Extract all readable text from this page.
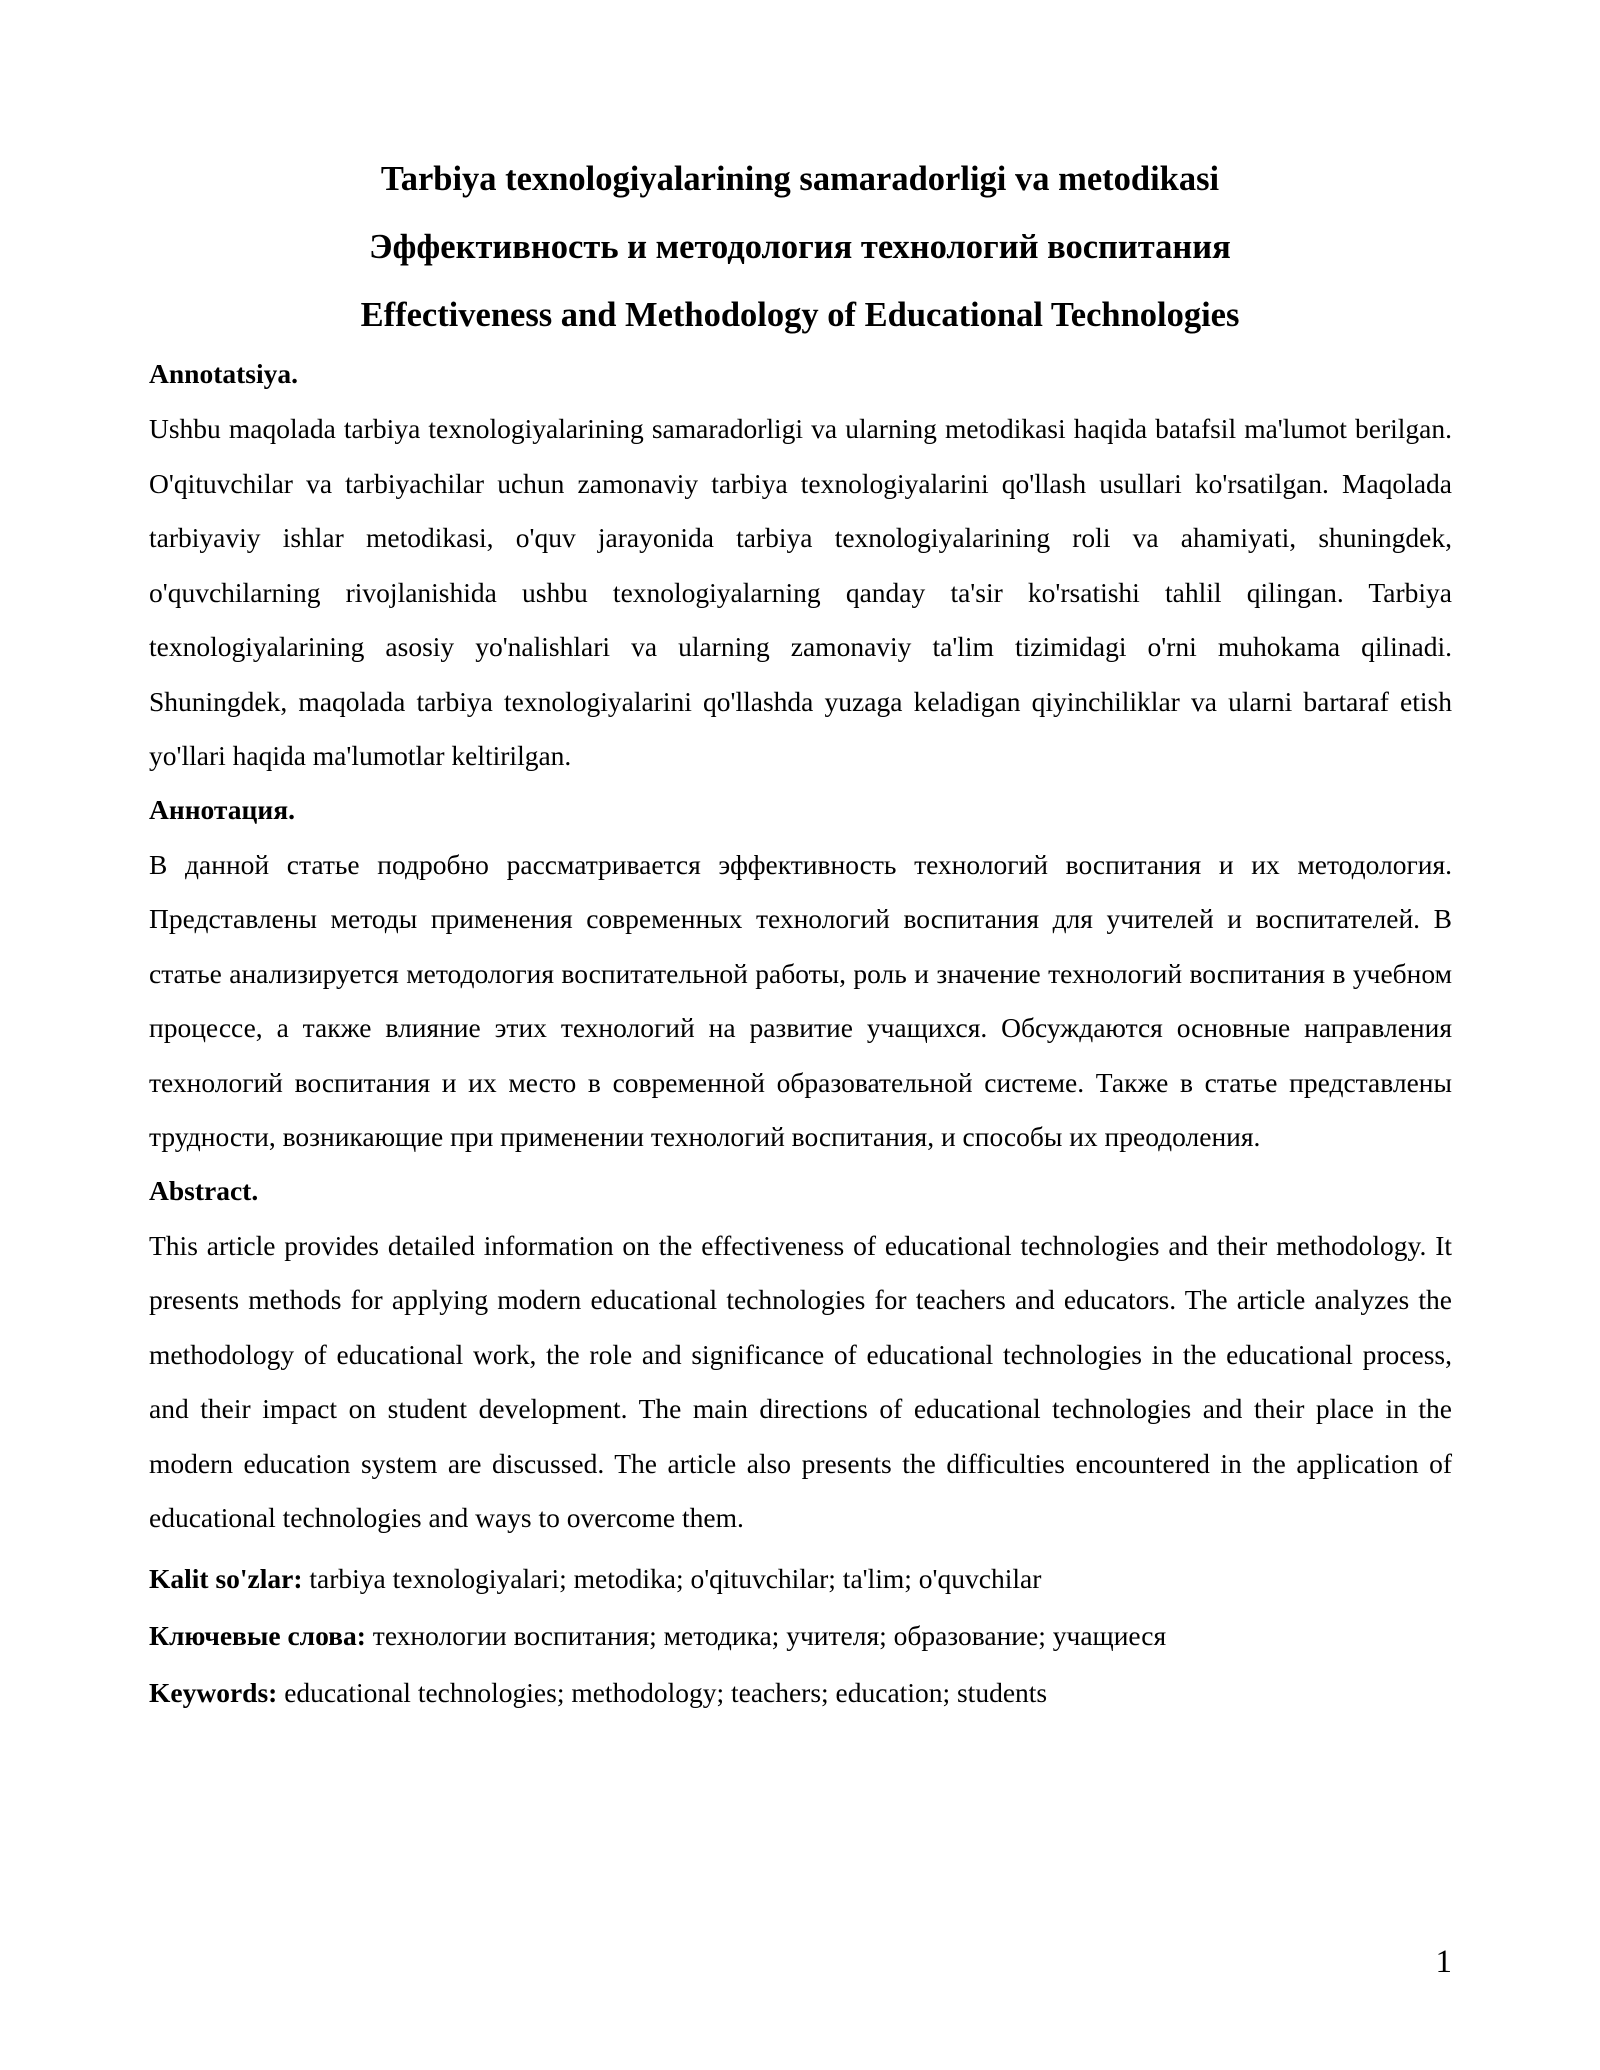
Tarbiya texnologiyalarining samaradorligi va metodikasi
Эффективность и методология технологий воспитания
Effectiveness and Methodology of Educational Technologies
Annotatsiya.

Ushbu maqolada tarbiya texnologiyalarining samaradorligi va ularning metodikasi haqida batafsil ma'lumot berilgan. O'qituvchilar va tarbiyachilar uchun zamonaviy tarbiya texnologiyalarini qo'llash usullari ko'rsatilgan. Maqolada tarbiyaviy ishlar metodikasi, o'quv jarayonida tarbiya texnologiyalarining roli va ahamiyati, shuningdek, o'quvchilarning rivojlanishida ushbu texnologiyalarning qanday ta'sir ko'rsatishi tahlil qilingan. Tarbiya texnologiyalarining asosiy yo'nalishlari va ularning zamonaviy ta'lim tizimidagi o'rni muhokama qilinadi. Shuningdek, maqolada tarbiya texnologiyalarini qo'llashda yuzaga keladigan qiyinchiliklar va ularni bartaraf etish yo'llari haqida ma'lumotlar keltirilgan.

Аннотация.

В данной статье подробно рассматривается эффективность технологий воспитания и их методология. Представлены методы применения современных технологий воспитания для учителей и воспитателей. В статье анализируется методология воспитательной работы, роль и значение технологий воспитания в учебном процессе, а также влияние этих технологий на развитие учащихся. Обсуждаются основные направления технологий воспитания и их место в современной образовательной системе. Также в статье представлены трудности, возникающие при применении технологий воспитания, и способы их преодоления.

Abstract.

This article provides detailed information on the effectiveness of educational technologies and their methodology. It presents methods for applying modern educational technologies for teachers and educators. The article analyzes the methodology of educational work, the role and significance of educational technologies in the educational process, and their impact on student development. The main directions of educational technologies and their place in the modern education system are discussed. The article also presents the difficulties encountered in the application of educational technologies and ways to overcome them.

Kalit so'zlar: tarbiya texnologiyalari; metodika; o'qituvchilar; ta'lim; o'quvchilar
Ключевые слова: технологии воспитания; методика; учителя; образование; учащиеся
Keywords: educational technologies; methodology; teachers; education; students
1
